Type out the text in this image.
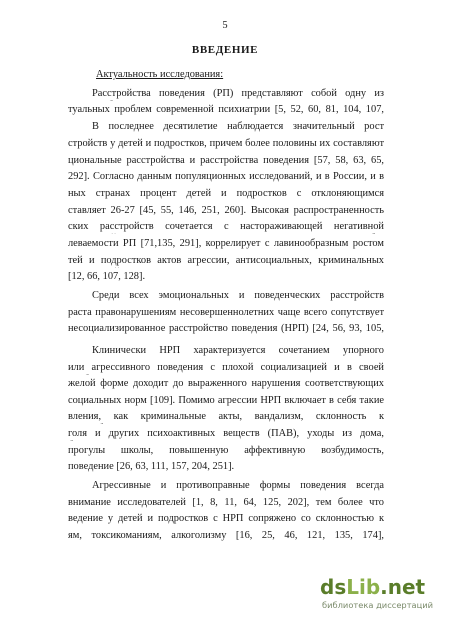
5
ВВЕДЕНИЕ
Актуальность исследования:
Расстройства поведения (РП) представляют собой одну из
туальных проблем современной психиатрии [5, 52, 60, 81, 104, 107,
В последнее десятилетие наблюдается значительный рост
стройств у детей и подростков, причем более половины их составляют
циональные расстройства и расстройства поведения [57, 58, 63, 65,
292]. Согласно данным популяционных исследований, и в России, и в
ных странах процент детей и подростков с отклоняющимся
ставляет 26-27 [45, 55, 146, 251, 260]. Высокая распространенность
ских расстройств сочетается с настораживающей негативной
леваемости РП [71,135, 291], коррелирует с лавинообразным ростом
тей и подростков актов агрессии, антисоциальных, криминальных
[12, 66, 107, 128].
Среди всех эмоциональных и поведенческих расстройств
раста правонарушениям несовершеннолетних чаще всего сопутствует
несоциализированное расстройство поведения (НРП) [24, 56, 93, 105,
Клинически НРП характеризуется сочетанием упорного
или агрессивного поведения с плохой социализацией и в своей
желой форме доходит до выраженного нарушения соответствующих
социальных норм [109]. Помимо агрессии НРП включает в себя такие
вления, как криминальные акты, вандализм, склонность к
голя и других психоактивных веществ (ПАВ), уходы из дома,
прогулы школы, повышенную аффективную возбудимость,
поведение [26, 63, 111, 157, 204, 251].
Агрессивные и противоправные формы поведения всегда
внимание исследователей [1, 8, 11, 64, 125, 202], тем более что
ведение у детей и подростков с НРП сопряжено со склонностью к
ям, токсикоманиям, алкоголизму [16, 25, 46, 121, 135, 174],
dsLib.net
библиотека диссертаций
